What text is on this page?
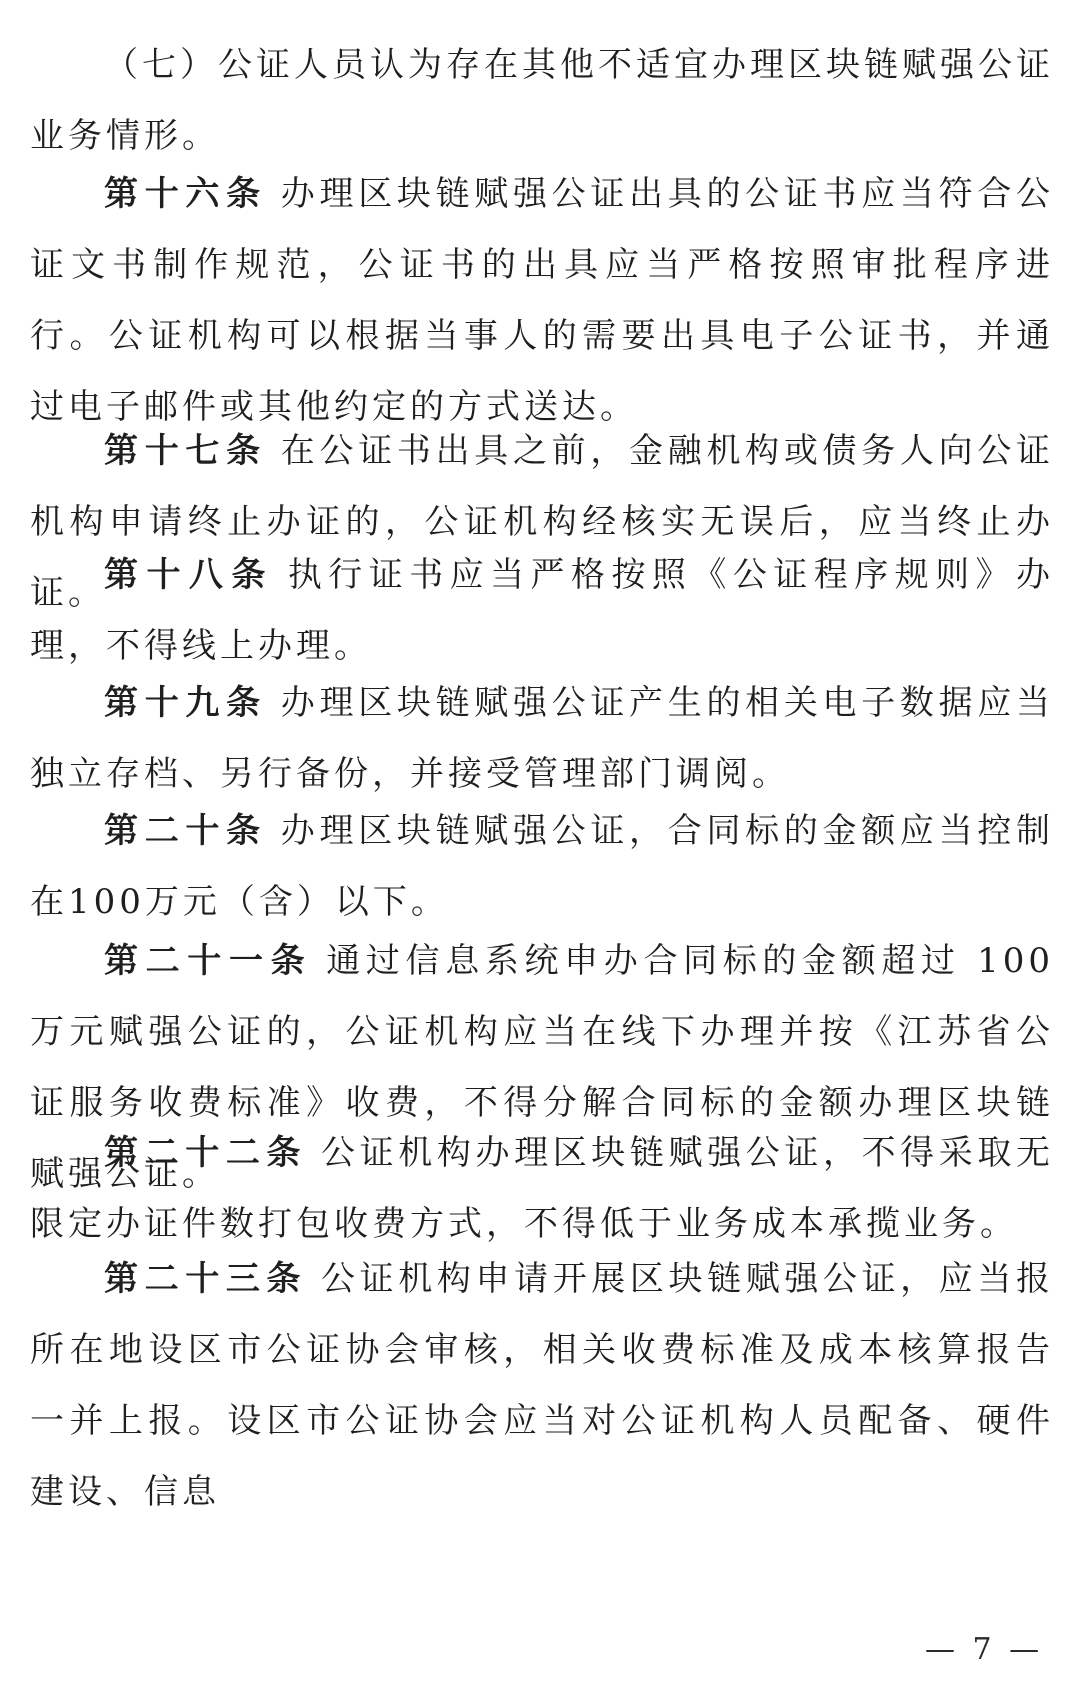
（七）公证人员认为存在其他不适宜办理区块链赋强公证业务情形。

第十六条 办理区块链赋强公证出具的公证书应当符合公证文书制作规范，公证书的出具应当严格按照审批程序进行。公证机构可以根据当事人的需要出具电子公证书，并通过电子邮件或其他约定的方式送达。

第十七条 在公证书出具之前，金融机构或债务人向公证机构申请终止办证的，公证机构经核实无误后，应当终止办证。

第十八条 执行证书应当严格按照《公证程序规则》办理，不得线上办理。

第十九条 办理区块链赋强公证产生的相关电子数据应当独立存档、另行备份，并接受管理部门调阅。

第二十条 办理区块链赋强公证，合同标的金额应当控制在100万元（含）以下。

第二十一条 通过信息系统申办合同标的金额超过 100 万元赋强公证的，公证机构应当在线下办理并按《江苏省公证服务收费标准》收费，不得分解合同标的金额办理区块链赋强公证。

第二十二条 公证机构办理区块链赋强公证，不得采取无限定办证件数打包收费方式，不得低于业务成本承揽业务。

第二十三条 公证机构申请开展区块链赋强公证，应当报所在地设区市公证协会审核，相关收费标准及成本核算报告一并上报。设区市公证协会应当对公证机构人员配备、硬件建设、信息

— 7 —
